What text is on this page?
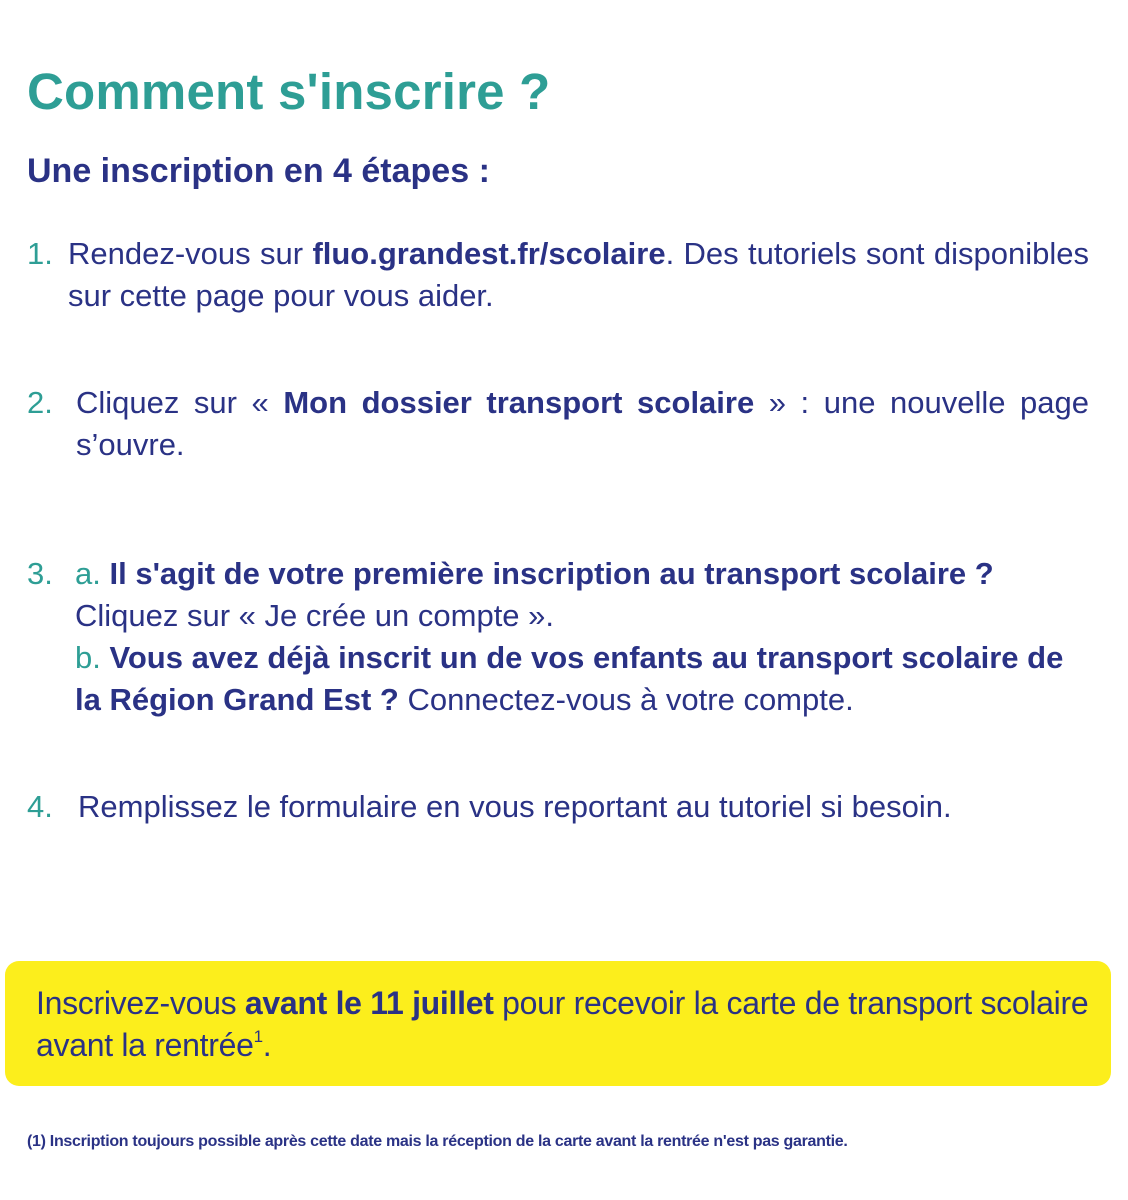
Comment s'inscrire ?
Une inscription en 4 étapes :
1. Rendez-vous sur fluo.grandest.fr/scolaire. Des tutoriels sont disponibles sur cette page pour vous aider.
2. Cliquez sur « Mon dossier transport scolaire » : une nouvelle page s’ouvre.
3. a. Il s'agit de votre première inscription au transport scolaire ?
Cliquez sur « Je crée un compte ».
b. Vous avez déjà inscrit un de vos enfants au transport scolaire de la Région Grand Est ? Connectez-vous à votre compte.
4. Remplissez le formulaire en vous reportant au tutoriel si besoin.
Inscrivez-vous avant le 11 juillet pour recevoir la carte de transport scolaire avant la rentrée$^1$.
(1) Inscription toujours possible après cette date mais la réception de la carte avant la rentrée n'est pas garantie.
